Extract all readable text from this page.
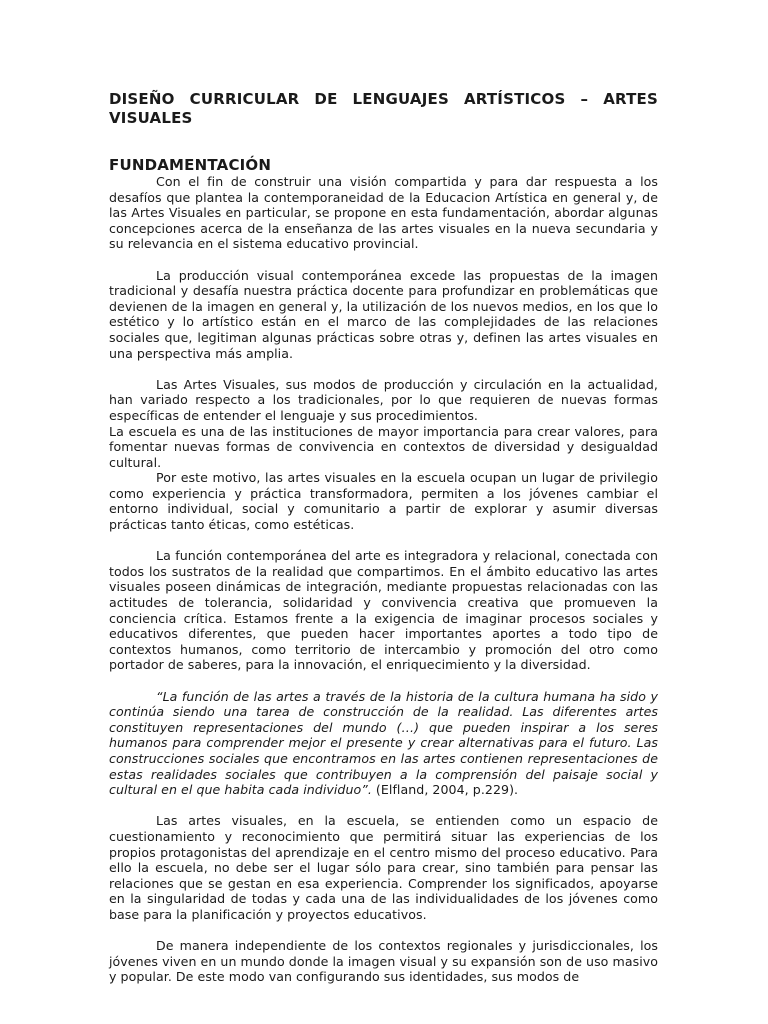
DISEÑO CURRICULAR DE LENGUAJES ARTÍSTICOS – ARTES VISUALES
FUNDAMENTACIÓN

Con el fin de construir una visión compartida y para dar respuesta a los desafíos que plantea la contemporaneidad de la Educacion Artística en general y, de las Artes Visuales en particular, se propone en esta fundamentación, abordar algunas concepciones acerca de la enseñanza de las artes visuales en la nueva secundaria y su relevancia en el sistema educativo provincial.

La producción visual contemporánea excede las propuestas de la imagen tradicional y desafía nuestra práctica docente para profundizar en problemáticas que devienen de la imagen en general y, la utilización de los nuevos medios, en los que lo estético y lo artístico están en el marco de las complejidades de las relaciones sociales que, legitiman algunas prácticas sobre otras y, definen las artes visuales en una perspectiva más amplia.

Las Artes Visuales, sus modos de producción y circulación en la actualidad, han variado respecto a los tradicionales, por lo que requieren de nuevas formas específicas de entender el lenguaje y sus procedimientos.

La escuela es una de las instituciones de mayor importancia para crear valores, para fomentar nuevas formas de convivencia en contextos de diversidad y desigualdad cultural.

Por este motivo, las artes visuales en la escuela ocupan un lugar de privilegio como experiencia y práctica transformadora, permiten a los jóvenes cambiar el entorno individual, social y comunitario a partir de explorar y asumir diversas prácticas tanto éticas, como estéticas.

La función contemporánea del arte es integradora y relacional, conectada con todos los sustratos de la realidad que compartimos. En el ámbito educativo las artes visuales poseen dinámicas de integración, mediante propuestas relacionadas con las actitudes de tolerancia, solidaridad y convivencia creativa que promueven la conciencia crítica. Estamos frente a la exigencia de imaginar procesos sociales y educativos diferentes, que pueden hacer importantes aportes a todo tipo de contextos humanos, como territorio de intercambio y promoción del otro como portador de saberes, para la innovación, el enriquecimiento y la diversidad.

“La función de las artes a través de la historia de la cultura humana ha sido y continúa siendo una tarea de construcción de la realidad. Las diferentes artes constituyen representaciones del mundo (…) que pueden inspirar a los seres humanos para comprender mejor el presente y crear alternativas para el futuro. Las construcciones sociales que encontramos en las artes contienen representaciones de estas realidades sociales que contribuyen a la comprensión del paisaje social y cultural en el que habita cada individuo”. (Elfland, 2004, p.229).

Las artes visuales, en la escuela, se entienden como un espacio de cuestionamiento y reconocimiento que permitirá situar las experiencias de los propios protagonistas del aprendizaje en el centro mismo del proceso educativo. Para ello la escuela, no debe ser el lugar sólo para crear, sino también para pensar las relaciones que se gestan en esa experiencia. Comprender los significados, apoyarse en la singularidad de todas y cada una de las individualidades de los jóvenes como base para la planificación y proyectos educativos.

De manera independiente de los contextos regionales y jurisdiccionales, los jóvenes viven en un mundo donde la imagen visual y su expansión son de uso masivo y popular. De este modo van configurando sus identidades, sus modos de
